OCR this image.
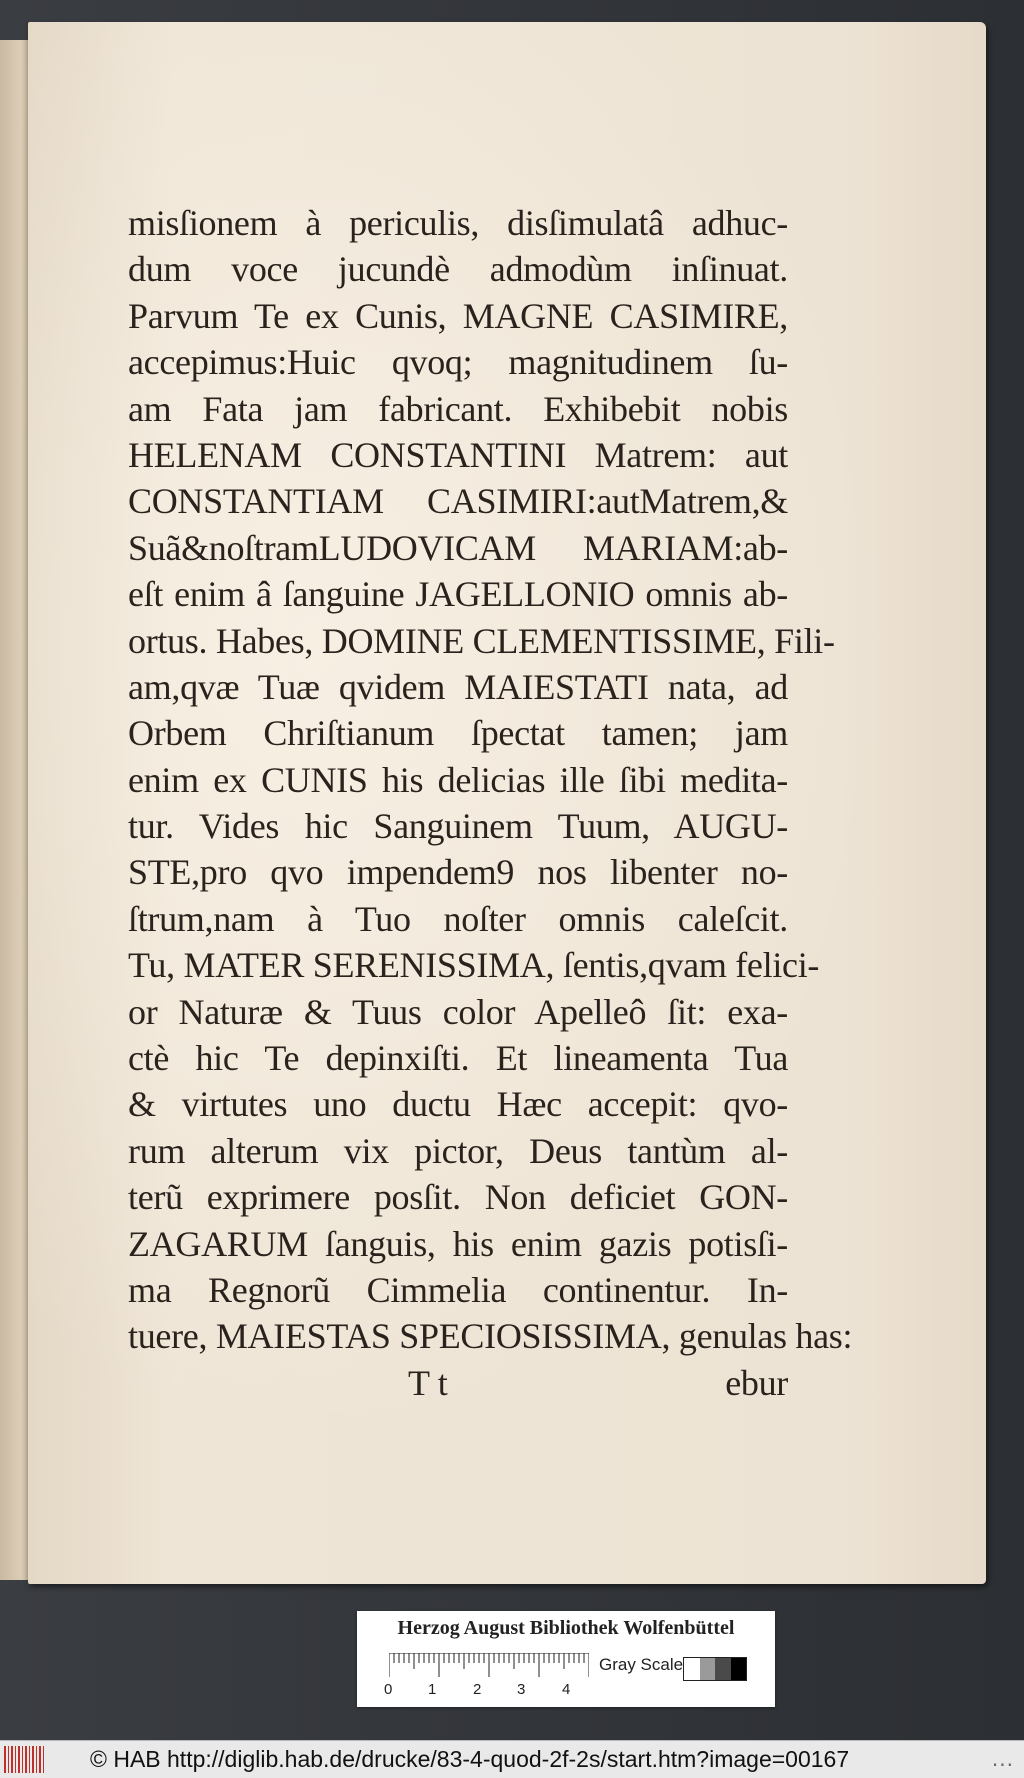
misſionem à periculis, disſimulatâ adhuc-
dum voce jucundè admodùm inſinuat.
Parvum Te ex Cunis, MAGNE CASIMIRE,
accepimus:Huic qvoq; magnitudinem ſu-
am Fata jam fabricant. Exhibebit nobis
HELENAM CONSTANTINI Matrem: aut
CONSTANTIAM CASIMIRI:autMatrem,&
Suã&noſtramLUDOVICAM MARIAM:ab-
eſt enim â ſanguine JAGELLONIO omnis ab-
ortus. Habes, DOMINE CLEMENTISSIME, Fili-
am,qvæ Tuæ qvidem MAIESTATI nata, ad
Orbem Chriſtianum ſpectat tamen; jam
enim ex CUNIS his delicias ille ſibi medita-
tur. Vides hic Sanguinem Tuum, AUGU-
STE,pro qvo impendem9 nos libenter no-
ſtrum,nam à Tuo noſter omnis caleſcit.
Tu, MATER SERENISSIMA, ſentis,qvam felici-
or Naturæ & Tuus color Apelleô ſit: exa-
ctè hic Te depinxiſti. Et lineamenta Tua
& virtutes uno ductu Hæc accepit: qvo-
rum alterum vix pictor, Deus tantùm al-
terũ exprimere posſit. Non deficiet GON-
ZAGARUM ſanguis, his enim gazis potisſi-
ma Regnorũ Cimmelia continentur. In-
tuere, MAIESTAS SPECIOSISSIMA, genulas has:
T t	ebur
Herzog August Bibliothek Wolfenbüttel
0 1 2 3 4
Gray Scale
© HAB http://diglib.hab.de/drucke/83-4-quod-2f-2s/start.htm?image=00167	...
